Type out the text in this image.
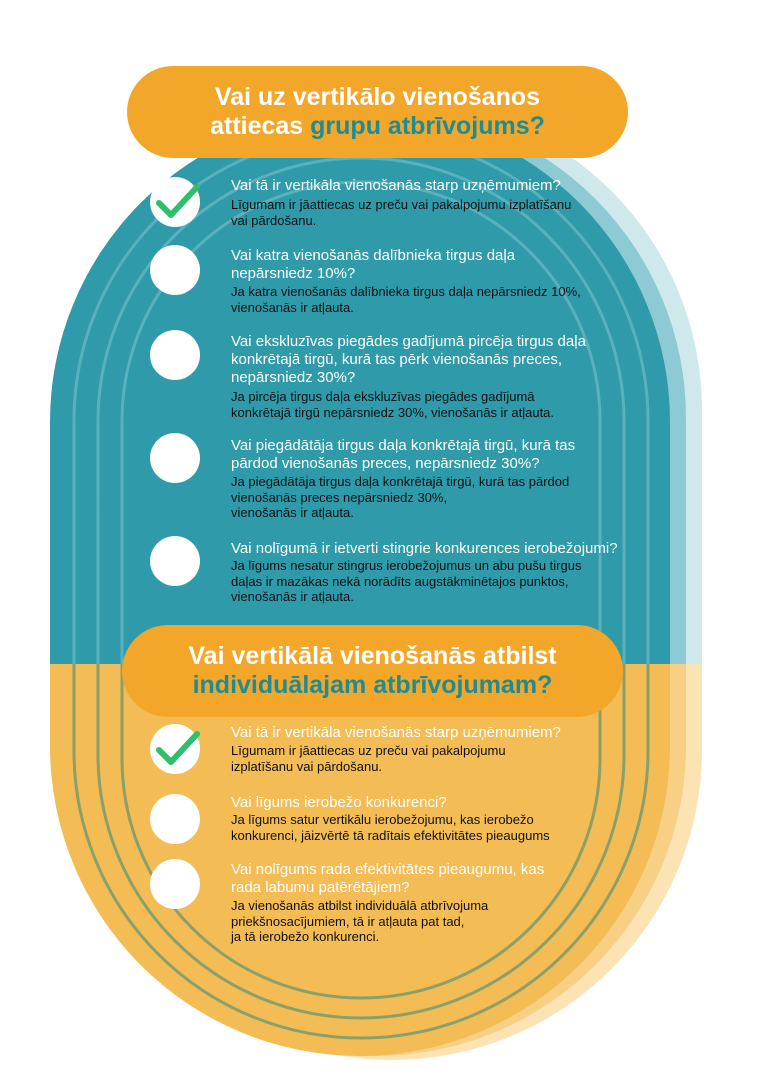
Vai uz vertikālo vienošanos
attiecas grupu atbrīvojums?
Vai vertikālā vienošanās atbilst
individuālajam atbrīvojumam?
Vai tā ir vertikāla vienošanās starp uzņēmumiem?
Līgumam ir jāattiecas uz preču vai pakalpojumu izplatīšanu
vai pārdošanu.
Vai katra vienošanās dalībnieka tirgus daļa
nepārsniedz 10%?
Ja katra vienošanās dalībnieka tirgus daļa nepārsniedz 10%,
vienošanās ir atļauta.
Vai ekskluzīvas piegādes gadījumā pircēja tirgus daļa
konkrētajā tirgū, kurā tas pērk vienošanās preces,
nepārsniedz 30%?
Ja pircēja tirgus daļa ekskluzīvas piegādes gadījumā
konkrētajā tirgū nepārsniedz 30%, vienošanās ir atļauta.
Vai piegādātāja tirgus daļa konkrētajā tirgū, kurā tas
pārdod vienošanās preces, nepārsniedz 30%?
Ja piegādātāja tirgus daļa konkrētajā tirgū, kurā tas pārdod
vienošanās preces nepārsniedz 30%,
vienošanās ir atļauta.
Vai nolīgumā ir ietverti stingrie konkurences ierobežojumi?
Ja līgums nesatur stingrus ierobežojumus un abu pušu tirgus
daļas ir mazākas nekā norādīts augstākminētajos punktos,
vienošanās ir atļauta.
Vai tā ir vertikāla vienošanās starp uzņēmumiem?
Līgumam ir jāattiecas uz preču vai pakalpojumu
izplatīšanu vai pārdošanu.
Vai līgums ierobežo konkurenci?
Ja līgums satur vertikālu ierobežojumu, kas ierobežo
konkurenci, jāizvērtē tā radītais efektivitātes pieaugums
Vai nolīgums rada efektivitātes pieaugumu, kas
rada labumu patērētājiem?
Ja vienošanās atbilst individuālā atbrīvojuma
priekšnosacījumiem, tā ir atļauta pat tad,
ja tā ierobežo konkurenci.
